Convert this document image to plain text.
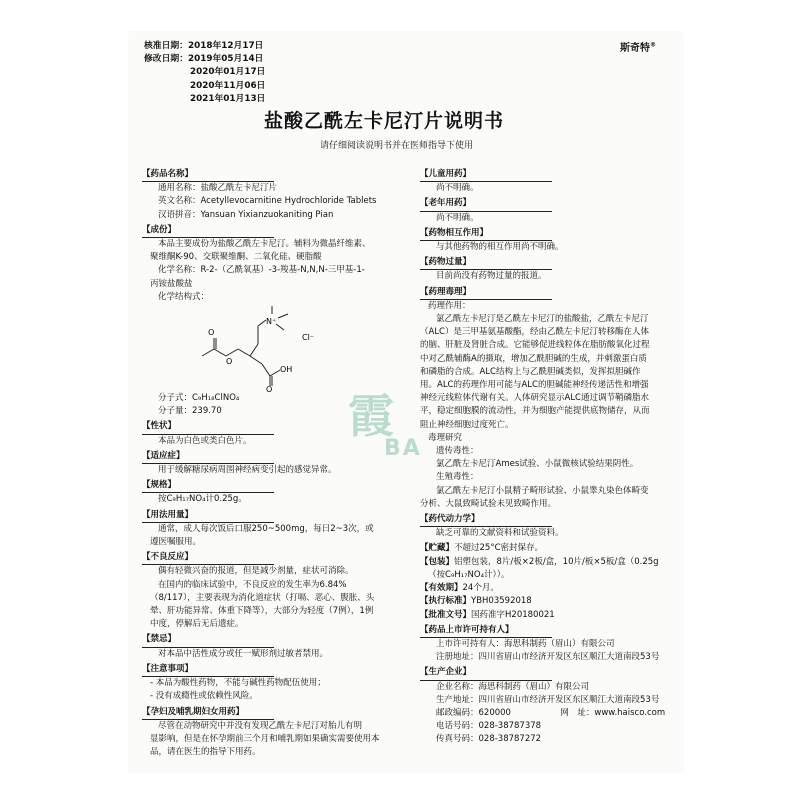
核准日期：2018年12月17日
修改日期：2019年05月14日
2020年01月17日
2020年11月06日
2021年01月13日
斯奇特®
盐酸乙酰左卡尼汀片说明书
请仔细阅读说明书并在医师指导下使用
霞
BA
【药品名称】
通用名称：盐酸乙酰左卡尼汀片
英文名称：Acetyllevocarnitine Hydrochloride Tablets
汉语拼音：Yansuan Yixianzuokaniting Pian
【成份】
本品主要成份为盐酸乙酰左卡尼汀。辅料为微晶纤维素、
聚维酮K-90、交联聚维酮、二氧化硅、硬脂酸
化学名称：R-2-（乙酰氧基）-3-羧基-N,N,N-三甲基-1-
丙铵盐酸盐
化学结构式：
O
O
N⁺
O
OH
Cl⁻
分子式：C₉H₁₈ClNO₄
分子量：239.70
【性状】
本品为白色或类白色片。
【适应症】
用于缓解糖尿病周围神经病变引起的感觉异常。
【规格】
按C₉H₁₇NO₄计0.25g。
【用法用量】
通常，成人每次饭后口服250~500mg，每日2~3次，或
遵医嘱服用。
【不良反应】
偶有轻微兴奋的报道，但是减少剂量，症状可消除。
在国内的临床试验中，不良反应的发生率为6.84%
（8/117），主要表现为消化道症状（打嗝、恶心、腹胀、头
晕、肝功能异常、体重下降等），大部分为轻度（7例），1例
中度，停解后无后遗症。
【禁忌】
对本品中活性成分或任一赋形剂过敏者禁用。
【注意事项】
- 本品为酸性药物，不能与碱性药物配伍使用；
- 没有成瘾性或依赖性风险。
【孕妇及哺乳期妇女用药】
尽管在动物研究中并没有发现乙酰左卡尼汀对胎儿有明
显影响，但是在怀孕期前三个月和哺乳期如果确实需要使用本
品，请在医生的指导下用药。
【儿童用药】
尚不明确。
【老年用药】
尚不明确。
【药物相互作用】
与其他药物的相互作用尚不明确。
【药物过量】
目前尚没有药物过量的报道。
【药理毒理】
药理作用：
氯乙酰左卡尼汀是乙酰左卡尼汀的盐酸盐，乙酰左卡尼汀
（ALC）是三甲基氨基酸酯，经由乙酰左卡尼汀转移酶在人体
的脑、肝脏及肾脏合成。它能够促进线粒体在脂肪酸氧化过程
中对乙酰辅酶A的摄取，增加乙酰胆碱的生成，并刺激蛋白质
和磷脂的合成。ALC结构上与乙酰胆碱类似，发挥拟胆碱作
用。ALC的药理作用可能与ALC的胆碱能神经传递活性和增强
神经元线粒体代谢有关。人体研究显示ALC通过调节鞘磷脂水
平，稳定细胞膜的流动性，并为细胞产能提供底物储存，从而
阻止神经细胞过度死亡。
毒理研究
遗传毒性：
氯乙酰左卡尼汀Ames试验、小鼠微核试验结果阴性。
生殖毒性：
氯乙酰左卡尼汀小鼠精子畸形试验、小鼠睾丸染色体畸变
分析、大鼠致畸试验未见致畸作用。
【药代动力学】
缺乏可靠的文献资料和试验资料。
【贮藏】不超过25°C密封保存。
【包装】铝塑包装，8片/板×2板/盒，10片/板×5板/盒（0.25g
（按C₉H₁₇NO₄计））。
【有效期】24个月。
【执行标准】YBH03592018
【批准文号】国药准字H20180021
【药品上市许可持有人】
上市许可持有人：海思科制药（眉山）有限公司
注册地址：四川省眉山市经济开发区东区顺江大道南段53号
【生产企业】
企业名称：海思科制药（眉山）有限公司
生产地址：四川省眉山市经济开发区东区顺江大道南段53号
邮政编码：620000	网　址：www.haisco.com
电话号码：028-38787378
传真号码：028-38787272
